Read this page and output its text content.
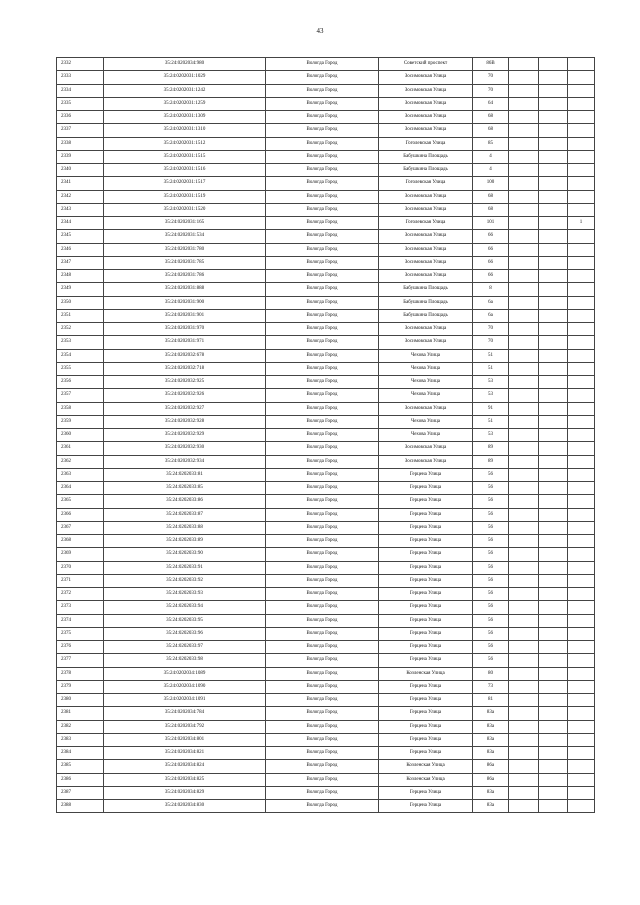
43
2332	35:24:0202034:980	Вологда Город	Советский проспект	86В			
2333	35:24:0202031:1029	Вологда Город	Зосимовская Улица	70			
2334	35:24:0202031:1242	Вологда Город	Зосимовская Улица	70			
2335	35:24:0202031:1259	Вологда Город	Зосимовская Улица	64			
2336	35:24:0202031:1309	Вологда Город	Зосимовская Улица	68			
2337	35:24:0202031:1310	Вологда Город	Зосимовская Улица	68			
2338	35:24:0202031:1512	Вологда Город	Гоголевская Улица	85			
2339	35:24:0202031:1515	Вологда Город	Бабушкина Площадь	4			
2340	35:24:0202031:1516	Вологда Город	Бабушкина Площадь	4			
2341	35:24:0202031:1517	Вологда Город	Гоголевская Улица	100			
2342	35:24:0202031:1519	Вологда Город	Зосимовская Улица	68			
2343	35:24:0202031:1520	Вологда Город	Зосимовская Улица	68			
2344	35:24:0202031:165	Вологда Город	Гоголевская Улица	101			1
2345	35:24:0202031:534	Вологда Город	Зосимовская Улица	66			
2346	35:24:0202031:780	Вологда Город	Зосимовская Улица	66			
2347	35:24:0202031:785	Вологда Город	Зосимовская Улица	66			
2348	35:24:0202031:786	Вологда Город	Зосимовская Улица	66			
2349	35:24:0202031:888	Вологда Город	Бабушкина Площадь	8			
2350	35:24:0202031:900	Вологда Город	Бабушкина Площадь	6а			
2351	35:24:0202031:901	Вологда Город	Бабушкина Площадь	6а			
2352	35:24:0202031:970	Вологда Город	Зосимовская Улица	70			
2353	35:24:0202031:971	Вологда Город	Зосимовская Улица	70			
2354	35:24:0202032:678	Вологда Город	Чехова Улица	51			
2355	35:24:0202032:718	Вологда Город	Чехова Улица	51			
2356	35:24:0202032:925	Вологда Город	Чехова Улица	53			
2357	35:24:0202032:926	Вологда Город	Чехова Улица	53			
2358	35:24:0202032:927	Вологда Город	Зосимовская Улица	91			
2359	35:24:0202032:928	Вологда Город	Чехова Улица	51			
2360	35:24:0202032:929	Вологда Город	Чехова Улица	53			
2361	35:24:0202032:930	Вологда Город	Зосимовская Улица	89			
2362	35:24:0202032:934	Вологда Город	Зосимовская Улица	89			
2363	35:24:0202033:81	Вологда Город	Герцена Улица	56			
2364	35:24:0202033:85	Вологда Город	Герцена Улица	56			
2365	35:24:0202033:86	Вологда Город	Герцена Улица	56			
2366	35:24:0202033:87	Вологда Город	Герцена Улица	56			
2367	35:24:0202033:88	Вологда Город	Герцена Улица	56			
2368	35:24:0202033:89	Вологда Город	Герцена Улица	56			
2369	35:24:0202033:90	Вологда Город	Герцена Улица	56			
2370	35:24:0202033:91	Вологда Город	Герцена Улица	56			
2371	35:24:0202033:92	Вологда Город	Герцена Улица	56			
2372	35:24:0202033:93	Вологда Город	Герцена Улица	56			
2373	35:24:0202033:94	Вологда Город	Герцена Улица	56			
2374	35:24:0202033:95	Вологда Город	Герцена Улица	56			
2375	35:24:0202033:96	Вологда Город	Герцена Улица	56			
2376	35:24:0202033:97	Вологда Город	Герцена Улица	56			
2377	35:24:0202033:98	Вологда Город	Герцена Улица	56			
2378	35:24:0202034:1089	Вологда Город	Козленская Улица	80			
2379	35:24:0202034:1090	Вологда Город	Герцена Улица	73			
2380	35:24:0202034:1091	Вологда Город	Герцена Улица	81			
2381	35:24:0202034:784	Вологда Город	Герцена Улица	83а			
2382	35:24:0202034:792	Вологда Город	Герцена Улица	83а			
2383	35:24:0202034:801	Вологда Город	Герцена Улица	83а			
2384	35:24:0202034:821	Вологда Город	Герцена Улица	83а			
2385	35:24:0202034:824	Вологда Город	Козленская Улица	86а			
2386	35:24:0202034:825	Вологда Город	Козленская Улица	86а			
2387	35:24:0202034:829	Вологда Город	Герцена Улица	83а			
2388	35:24:0202034:830	Вологда Город	Герцена Улица	83а			
